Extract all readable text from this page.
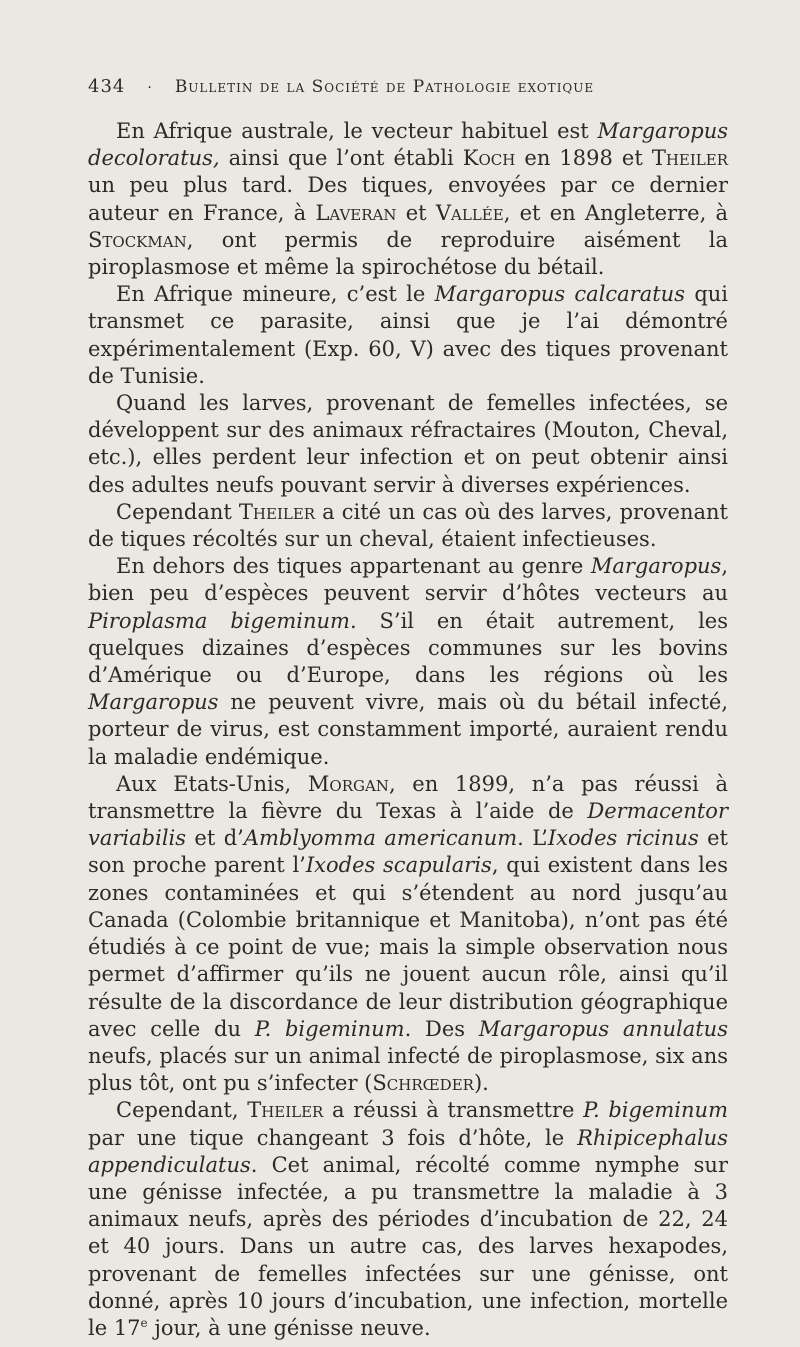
434 · Bulletin de la Société de Pathologie exotique

En Afrique australe, le vecteur habituel est Margaropus decoloratus, ainsi que l’ont établi Koch en 1898 et Theiler un peu plus tard. Des tiques, envoyées par ce dernier auteur en France, à Laveran et Vallée, et en Angleterre, à Stockman, ont permis de reproduire aisément la piroplasmose et même la spirochétose du bétail.

En Afrique mineure, c’est le Margaropus calcaratus qui transmet ce parasite, ainsi que je l’ai démontré expérimentalement (Exp. 60, V) avec des tiques provenant de Tunisie.

Quand les larves, provenant de femelles infectées, se développent sur des animaux réfractaires (Mouton, Cheval, etc.), elles perdent leur infection et on peut obtenir ainsi des adultes neufs pouvant servir à diverses expériences.

Cependant Theiler a cité un cas où des larves, provenant de tiques récoltés sur un cheval, étaient infectieuses.

En dehors des tiques appartenant au genre Margaropus, bien peu d’espèces peuvent servir d’hôtes vecteurs au Piroplasma bigeminum. S’il en était autrement, les quelques dizaines d’espèces communes sur les bovins d’Amérique ou d’Europe, dans les régions où les Margaropus ne peuvent vivre, mais où du bétail infecté, porteur de virus, est constamment importé, auraient rendu la maladie endémique.

Aux Etats-Unis, Morgan, en 1899, n’a pas réussi à transmettre la fièvre du Texas à l’aide de Dermacentor variabilis et d’Amblyomma americanum. L’Ixodes ricinus et son proche parent l’Ixodes scapularis, qui existent dans les zones contaminées et qui s’étendent au nord jusqu’au Canada (Colombie britannique et Manitoba), n’ont pas été étudiés à ce point de vue; mais la simple observation nous permet d’affirmer qu’ils ne jouent aucun rôle, ainsi qu’il résulte de la discordance de leur distribution géographique avec celle du P. bigeminum. Des Margaropus annulatus neufs, placés sur un animal infecté de piroplasmose, six ans plus tôt, ont pu s’infecter (Schrœder).

Cependant, Theiler a réussi à transmettre P. bigeminum par une tique changeant 3 fois d’hôte, le Rhipicephalus appendiculatus. Cet animal, récolté comme nymphe sur une génisse infectée, a pu transmettre la maladie à 3 animaux neufs, après des périodes d’incubation de 22, 24 et 40 jours. Dans un autre cas, des larves hexapodes, provenant de femelles infectées sur une génisse, ont donné, après 10 jours d’incubation, une infection, mortelle le 17e jour, à une génisse neuve.
